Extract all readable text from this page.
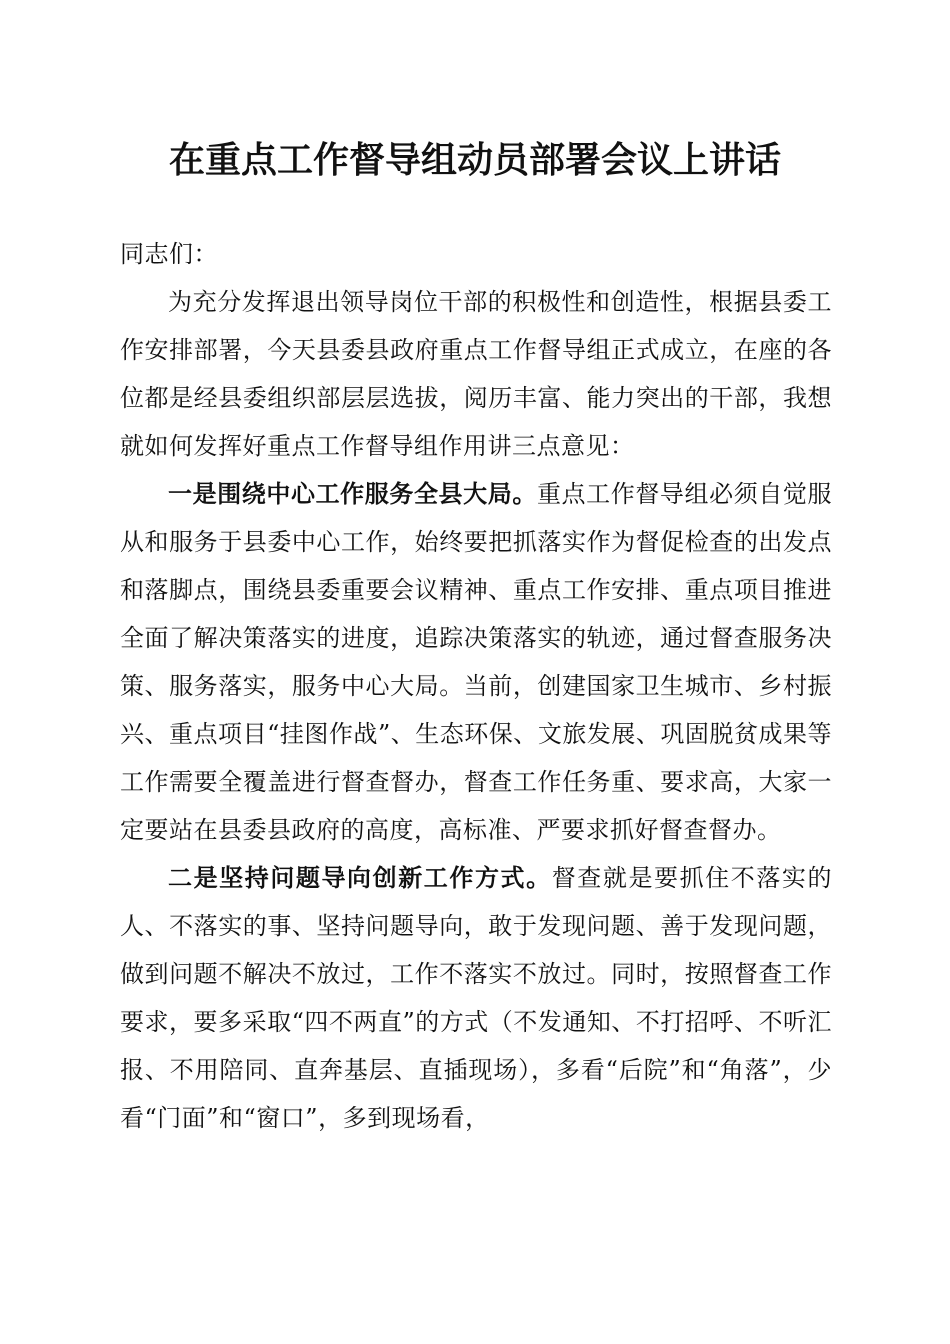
在重点工作督导组动员部署会议上讲话

同志们：

为充分发挥退出领导岗位干部的积极性和创造性，根据县委工作安排部署，今天县委县政府重点工作督导组正式成立，在座的各位都是经县委组织部层层选拔，阅历丰富、能力突出的干部，我想就如何发挥好重点工作督导组作用讲三点意见：

一是围绕中心工作服务全县大局。重点工作督导组必须自觉服从和服务于县委中心工作，始终要把抓落实作为督促检查的出发点和落脚点，围绕县委重要会议精神、重点工作安排、重点项目推进全面了解决策落实的进度，追踪决策落实的轨迹，通过督查服务决策、服务落实，服务中心大局。当前，创建国家卫生城市、乡村振兴、重点项目“挂图作战”、生态环保、文旅发展、巩固脱贫成果等工作需要全覆盖进行督查督办，督查工作任务重、要求高，大家一定要站在县委县政府的高度，高标准、严要求抓好督查督办。

二是坚持问题导向创新工作方式。督查就是要抓住不落实的人、不落实的事、坚持问题导向，敢于发现问题、善于发现问题，做到问题不解决不放过，工作不落实不放过。同时，按照督查工作要求，要多采取“四不两直”的方式（不发通知、不打招呼、不听汇报、不用陪同、直奔基层、直插现场），多看“后院”和“角落”，少看“门面”和“窗口”，多到现场看，
